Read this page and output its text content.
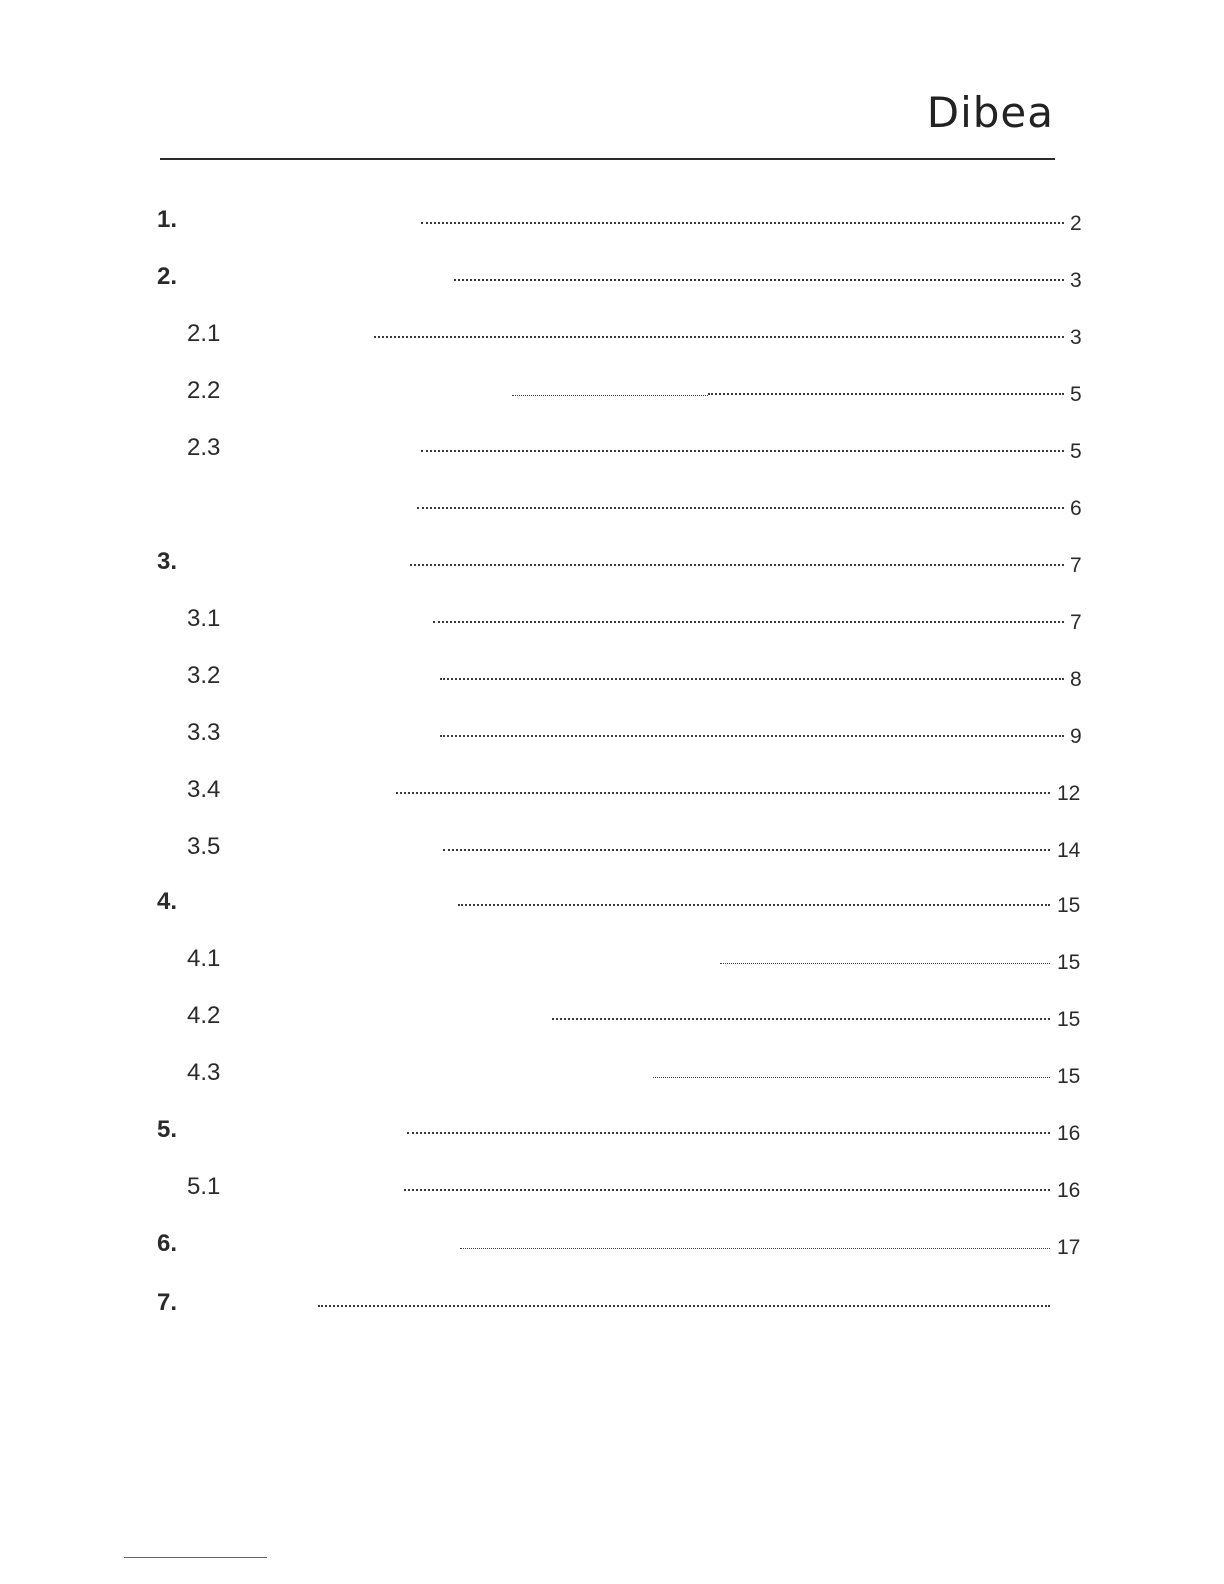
Dibea
1.	2
2.	3
2.1	3
2.2	5
2.3	5
6
3.	7
3.1	7
3.2	8
3.3	9
3.4	12
3.5	14
4.	15
4.1	15
4.2	15
4.3	15
5.	16
5.1	16
6.	17
7.
